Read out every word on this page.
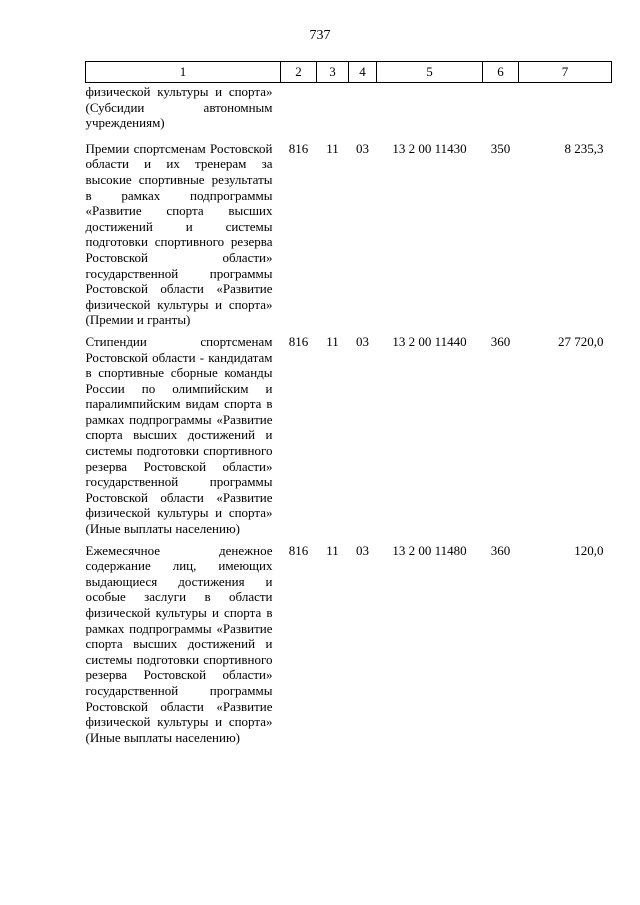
737
1	2	3	4	5	6	7
физической культуры и спорта» (Субсидии автономным учреждениям)						
Премии спортсменам Ростовской области и их тренерам за высокие спортивные результаты в рамках подпрограммы «Развитие спорта высших достижений и системы подготовки спортивного резерва Ростовской области» государственной программы Ростовской области «Развитие физической культуры и спорта» (Премии и гранты)	816	11	03	13 2 00 11430	350	8 235,3
Стипендии спортсменам Ростовской области - кандидатам в спортивные сборные команды России по олимпийским и паралимпийским видам спорта в рамках подпрограммы «Развитие спорта высших достижений и системы подготовки спортивного резерва Ростовской области» государственной программы Ростовской области «Развитие физической культуры и спорта» (Иные выплаты населению)	816	11	03	13 2 00 11440	360	27 720,0
Ежемесячное денежное содержание лиц, имеющих выдающиеся достижения и особые заслуги в области физической культуры и спорта в рамках подпрограммы «Развитие спорта высших достижений и системы подготовки спортивного резерва Ростовской области» государственной программы Ростовской области «Развитие физической культуры и спорта» (Иные выплаты населению)	816	11	03	13 2 00 11480	360	120,0
